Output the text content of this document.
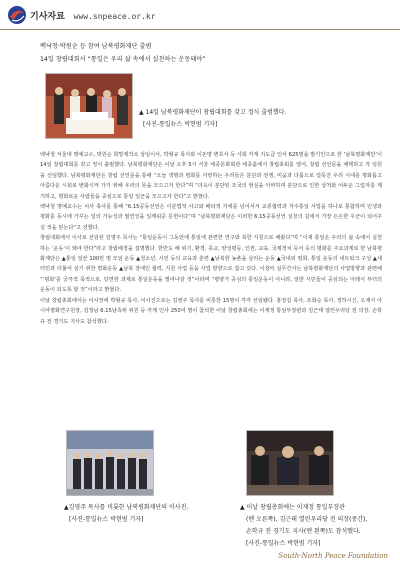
기사자료 www.snpeace.or.kr
백낙청·박원순 등 참여 남북평화재단 출범
14일 창립대회서 “통일은 우리 삶 속에서 실천하는 운동돼야”
▲ 14일 남북평화재단이 창립대회를 갖고 정식 출범했다.
[사진-통일뉴스 박현범 기자]

백낙청 서울대 명예교수, 박원순 희망제작소 상임이사, 박형규 목사와 이돈명 변호사 등 사회 각계 지도급 인사 625명을 발기인으로 한 ‘남북평화재단’이 14일 창립대회를 갖고 정식 출범했다. 남북평화재단은 이날 오후 5시 서울 세종문화회관 세종홀에서 창립총회를 열어, 창립 선언문을 채택하고 각 임원을 선임했다. 남북평화재단은 창립 선언문을 통해 “오늘 생명과 평화를 사랑하는 우리들은 분단과 전쟁, 미움과 다툼으로 얼룩진 우리 시대를 평화롭고 아름다운 시회로 변화시켜 가기 위해 우리의 뜻을 모으고자 한다”며 “더욱이 분단된 조국의 현실을 아파하며 분단으로 인한 상처와 어두운 그림자를 제거하고, 평화로운 사람들을 중심으로 통일 일군을 모으고자 한다”고 밝혔다.

백낙청 명예교수는 치사 축사를 통해 “6.15공동선언은 이분법적 사고와 배타적 자세를 넘어서서 교류협력과 자주통일 사업을 하나로 통합하며 민생과 평화를 동시에 가꾸는 일의 가능성과 필연성을 일깨워준 문헌이다”며 “남북평화재단은 이러한 6.15공동선언 실천의 길에서 가장 든든한 우군이 되어주실 것을 믿는다”고 전했다.

창립대회에서 이사로 선임된 김영주 목사는 “통일운동이 그동안에 통일에 관련한 연구와 북한 지원으로 해왔다”며 “이제 통일은 우리의 삶 속에서 실천하는 ‘운동’이 돼야 한다”라고 창립배경을 설명했다. 한반도 해 위기, 환경, 종교, 양성평등, 인권, 교육, 국제정치 등서 등의 평화를 주요과제로 한 남북평화재단은 ▲통일 일꾼 100만 명 모임 운동 ▲청소년, 시민 등의 교육과 훈련 ▲남북한 농촌을 살리는 운동 ▲국내외 평화, 통일 운동의 네트워크 구성 ▲새터민과 더불어 살기 위한 평화운동 ▲남북 장애인 협력, 지원 사업 등을 사업 방향으로 잡고 있다. 이창익 실무간사는 남북평화재단의 사업방향과 관련해 “‘평화’를 궁극적 목적으로, 당면한 과제로 통일운동을 벌여나갈 것”이라며 “평양가 중심의 통일운동이 아니라, 일반 시민들이 중심되는 아래서 부터의 운동이 되도록 할 것”이라고 밝혔다.

이날 창립총회에서는 이사장에 박형규 목사, 이사진으로는 김영주 목사를 비롯한 15명이 각각 선임됐다. 홍장길 목사, 조화순 목사, 정하시신, 오재식 아시아평화연구원장, 김정남 6.15남측위 위원 등 각계 인사 250여 명이 참석한 이날 창립총회에는 이재정 통일부장관과 김근태 열린우리당 전 의장, 손학규 전 경기도 지사도 참석했다.

▲김영주 목사를 비롯한 남북평화재단의 이사진.
[사진-통일뉴스 박현범 기자]
▲ 이날 창립총회에는 이재정 통일부장관
(맨 오른쪽), 김근태 열린우리당 전 의장(중간),
손학규 전 경기도 지사(맨 왼쪽)도 참석했다.
[사진-통일뉴스 박현범 기자]
South-North Peace Foundation
